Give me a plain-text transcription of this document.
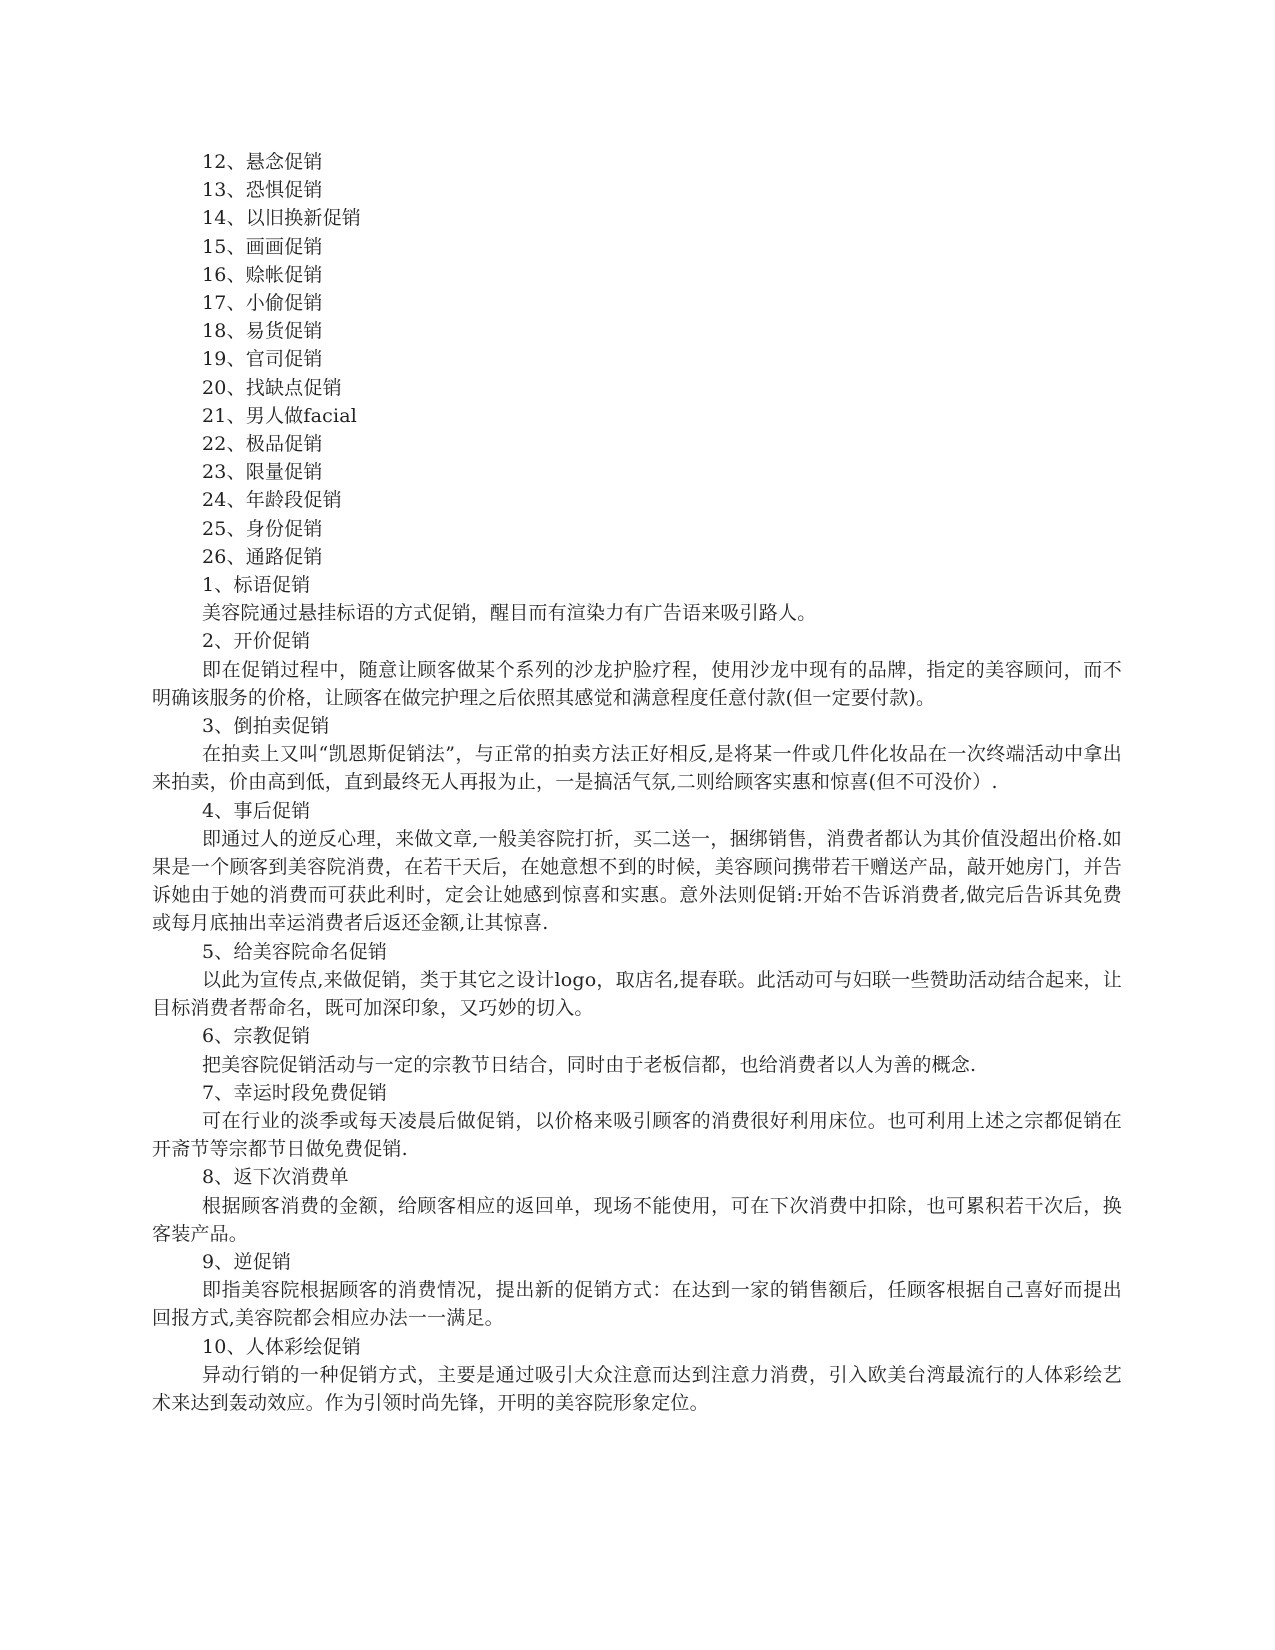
12、悬念促销
13、恐惧促销
14、以旧换新促销
15、画画促销
16、赊帐促销
17、小偷促销
18、易货促销
19、官司促销
20、找缺点促销
21、男人做facial
22、极品促销
23、限量促销
24、年龄段促销
25、身份促销
26、通路促销
1、标语促销
美容院通过悬挂标语的方式促销，醒目而有渲染力有广告语来吸引路人。
2、开价促销
即在促销过程中，随意让顾客做某个系列的沙龙护脸疗程，使用沙龙中现有的品牌，指定的美容顾问，而不明确该服务的价格，让顾客在做完护理之后依照其感觉和满意程度任意付款(但一定要付款)。
3、倒拍卖促销
在拍卖上又叫“凯恩斯促销法”，与正常的拍卖方法正好相反,是将某一件或几件化妆品在一次终端活动中拿出来拍卖，价由高到低，直到最终无人再报为止，一是搞活气氛,二则给顾客实惠和惊喜(但不可没价）.
4、事后促销
即通过人的逆反心理，来做文章,一般美容院打折，买二送一，捆绑销售，消费者都认为其价值没超出价格.如果是一个顾客到美容院消费，在若干天后，在她意想不到的时候，美容顾问携带若干赠送产品，敲开她房门，并告诉她由于她的消费而可获此利时，定会让她感到惊喜和实惠。意外法则促销:开始不告诉消费者,做完后告诉其免费或每月底抽出幸运消费者后返还金额,让其惊喜.
5、给美容院命名促销
以此为宣传点,来做促销，类于其它之设计logo，取店名,提春联。此活动可与妇联一些赞助活动结合起来，让目标消费者帮命名，既可加深印象，又巧妙的切入。
6、宗教促销
把美容院促销活动与一定的宗教节日结合，同时由于老板信都，也给消费者以人为善的概念.
7、幸运时段免费促销
可在行业的淡季或每天凌晨后做促销，以价格来吸引顾客的消费很好利用床位。也可利用上述之宗都促销在开斋节等宗都节日做免费促销.
8、返下次消费单
根据顾客消费的金额，给顾客相应的返回单，现场不能使用，可在下次消费中扣除，也可累积若干次后，换客装产品。
9、逆促销
即指美容院根据顾客的消费情况，提出新的促销方式：在达到一家的销售额后，任顾客根据自己喜好而提出回报方式,美容院都会相应办法一一满足。
10、人体彩绘促销
异动行销的一种促销方式，主要是通过吸引大众注意而达到注意力消费，引入欧美台湾最流行的人体彩绘艺术来达到轰动效应。作为引领时尚先锋，开明的美容院形象定位。
